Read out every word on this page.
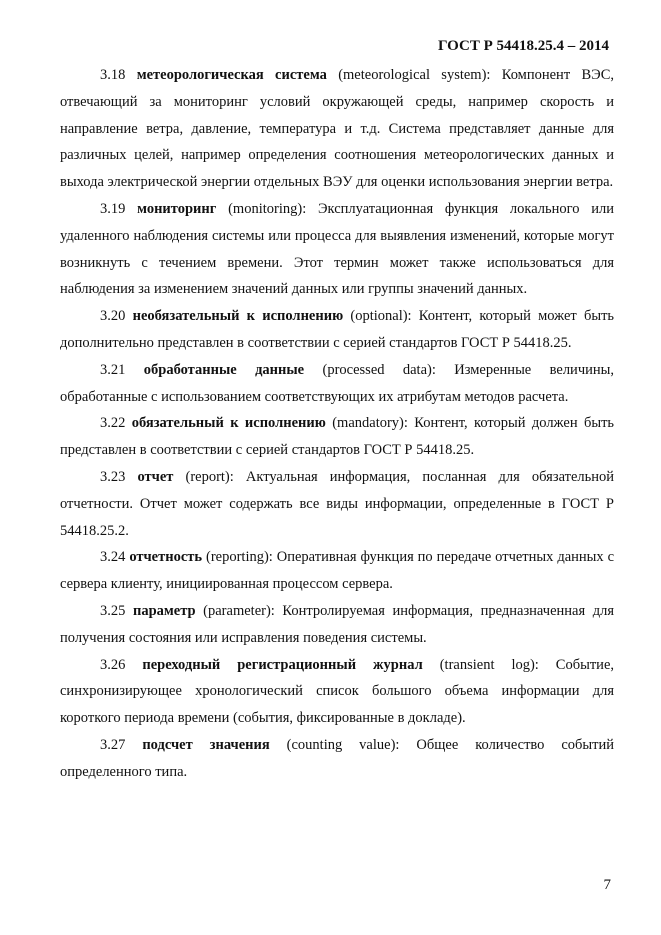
ГОСТ Р 54418.25.4 – 2014

3.18 метеорологическая система (meteorological system): Компонент ВЭС, отвечающий за мониторинг условий окружающей среды, например скорость и направление ветра, давление, температура и т.д. Система представляет данные для различных целей, например определения соотношения метеорологических данных и выхода электрической энергии отдельных ВЭУ для оценки использования энергии ветра.

3.19 мониторинг (monitoring): Эксплуатационная функция локального или удаленного наблюдения системы или процесса для выявления изменений, которые могут возникнуть с течением времени. Этот термин может также использоваться для наблюдения за изменением значений данных или группы значений данных.

3.20 необязательный к исполнению (optional): Контент, который может быть дополнительно представлен в соответствии с серией стандартов ГОСТ Р 54418.25.

3.21 обработанные данные (processed data): Измеренные величины, обработанные с использованием соответствующих их атрибутам методов расчета.

3.22 обязательный к исполнению (mandatory): Контент, который должен быть представлен в соответствии с серией стандартов ГОСТ Р 54418.25.

3.23 отчет (report): Актуальная информация, посланная для обязательной отчетности. Отчет может содержать все виды информации, определенные в ГОСТ Р 54418.25.2.

3.24 отчетность (reporting): Оперативная функция по передаче отчетных данных с сервера клиенту, инициированная процессом сервера.

3.25 параметр (parameter): Контролируемая информация, предназначенная для получения состояния или исправления поведения системы.

3.26 переходный регистрационный журнал (transient log): Событие, синхронизирующее хронологический список большого объема информации для короткого периода времени (события, фиксированные в докладе).

3.27 подсчет значения (counting value): Общее количество событий определенного типа.

7
